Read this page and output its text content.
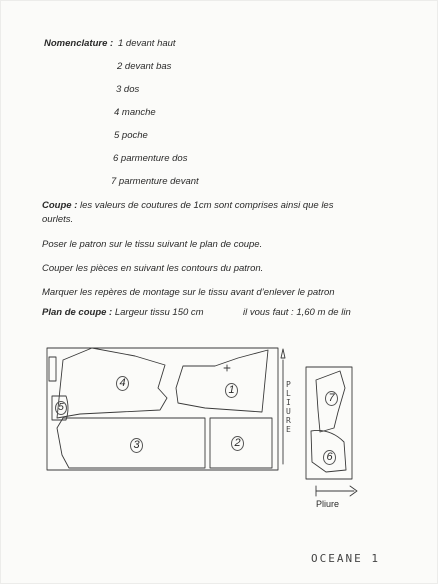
Nomenclature : 1 devant haut
2 devant bas
3 dos
4 manche
5 poche
6 parmenture dos
7 parmenture devant
Coupe : les valeurs de coutures de 1cm sont comprises ainsi que les
ourlets.
Poser le patron sur le tissu suivant le plan de coupe.
Couper les pièces en suivant les contours du patron.
Marquer les repères de montage sur le tissu avant d’enlever le patron
Plan de coupe : Largeur tissu 150 cm	il vous faut : 1,60 m de lin
4
1
5
3	2
7
6
PLIURE
Pliure
OCEANE 1
